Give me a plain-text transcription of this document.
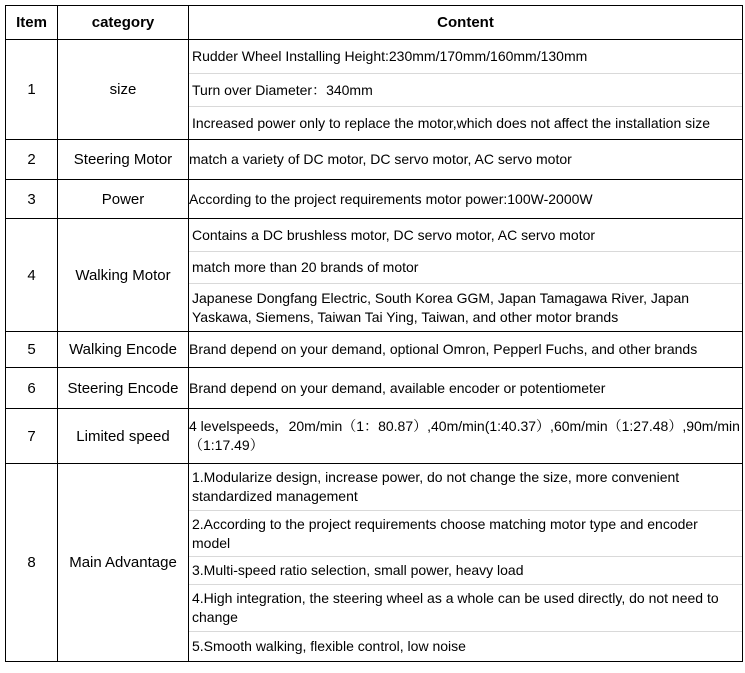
Item	category	Content
1	size	Rudder Wheel Installing Height:230mm/170mm/160mm/130mm
Turn over Diameter：340mm
Increased power only to replace the motor,which does not affect the installation size

2	Steering Motor	match a variety of DC motor, DC servo motor, AC servo motor
3	Power	According to the project requirements motor power:100W-2000W
4	Walking Motor	Contains a DC brushless motor, DC servo motor, AC servo motor
match more than 20 brands of motor
Japanese Dongfang Electric, South Korea GGM, Japan Tamagawa River, Japan Yaskawa, Siemens, Taiwan Tai Ying, Taiwan, and other motor brands

5	Walking Encode	Brand depend on your demand, optional Omron, Pepperl Fuchs, and other brands
6	Steering Encode	Brand depend on your demand, available encoder or potentiometer
7	Limited speed	4 levelspeeds，20m/min（1：80.87）,40m/min(1:40.37）,60m/min（1:27.48）,90m/min（1:17.49）
8	Main Advantage	1.Modularize design, increase power, do not change the size, more convenient standardized management
2.According to the project requirements choose matching motor type and encoder model
3.Multi-speed ratio selection, small power, heavy load
4.High integration, the steering wheel as a whole can be used directly, do not need to change
5.Smooth walking, flexible control, low noise
